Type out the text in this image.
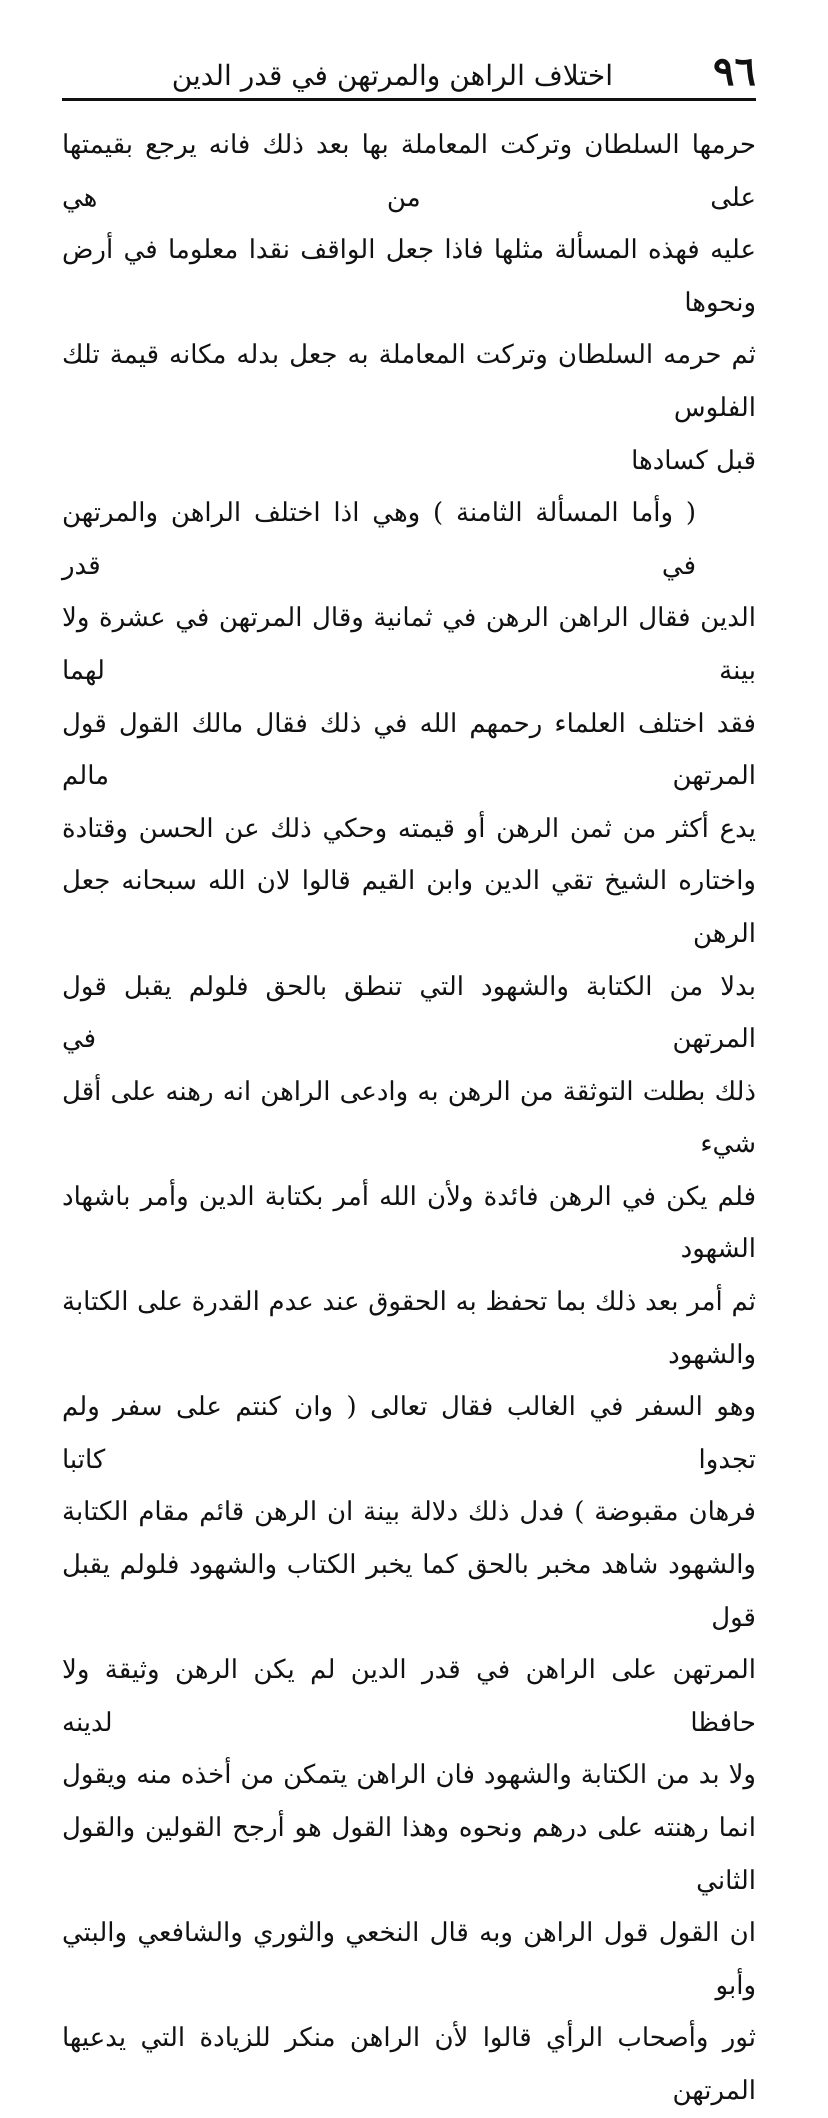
٩٦
اختلاف الراهن والمرتهن في قدر الدين

حرمها السلطان وتركت المعاملة بها بعد ذلك فانه يرجع بقيمتها على من هي

عليه فهذه المسألة مثلها فاذا جعل الواقف نقدا معلوما في أرض ونحوها

ثم حرمه السلطان وتركت المعاملة به جعل بدله مكانه قيمة تلك الفلوس

قبل كسادها

( وأما المسألة الثامنة ) وهي اذا اختلف الراهن والمرتهن في قدر

الدين فقال الراهن الرهن في ثمانية وقال المرتهن في عشرة ولا بينة لهما

فقد اختلف العلماء رحمهم الله في ذلك فقال مالك القول قول المرتهن مالم

يدع أكثر من ثمن الرهن أو قيمته وحكي ذلك عن الحسن وقتادة

واختاره الشيخ تقي الدين وابن القيم قالوا لان الله سبحانه جعل الرهن

بدلا من الكتابة والشهود التي تنطق بالحق فلولم يقبل قول المرتهن في

ذلك بطلت التوثقة من الرهن به وادعى الراهن انه رهنه على أقل شيء

فلم يكن في الرهن فائدة ولأن الله أمر بكتابة الدين وأمر باشهاد الشهود

ثم أمر بعد ذلك بما تحفظ به الحقوق عند عدم القدرة على الكتابة والشهود

وهو السفر في الغالب فقال تعالى ( وان كنتم على سفر ولم تجدوا كاتبا

فرهان مقبوضة ) فدل ذلك دلالة بينة ان الرهن قائم مقام الكتابة

والشهود شاهد مخبر بالحق كما يخبر الكتاب والشهود فلولم يقبل قول

المرتهن على الراهن في قدر الدين لم يكن الرهن وثيقة ولا حافظا لدينه

ولا بد من الكتابة والشهود فان الراهن يتمكن من أخذه منه ويقول

انما رهنته على درهم ونحوه وهذا القول هو أرجح القولين والقول الثاني

ان القول قول الراهن وبه قال النخعي والثوري والشافعي والبتي وأبو

ثور وأصحاب الرأي قالوا لأن الراهن منكر للزيادة التي يدعيها المرتهن
